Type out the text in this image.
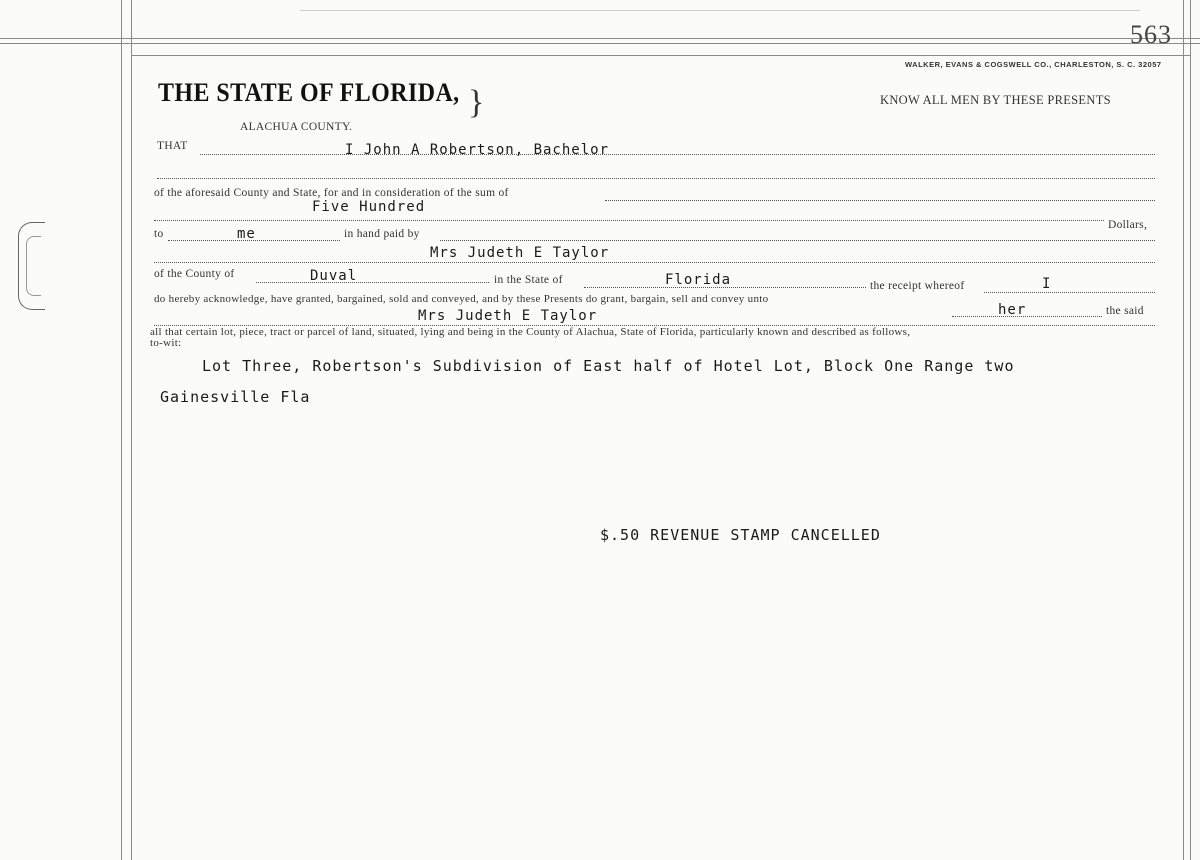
563
WALKER, EVANS & COGSWELL CO., CHARLESTON, S. C. 32057
THE STATE OF FLORIDA, }
ALACHUA COUNTY.
KNOW ALL MEN BY THESE PRESENTS
THAT	I John A Robertson, Bachelor
of the aforesaid County and State, for and in consideration of the sum of
Five Hundred
Dollars,
to	me	in hand paid by
Mrs Judeth E Taylor
of the County of	Duval	in the State of	Florida	the receipt whereof	I
do hereby acknowledge, have granted, bargained, sold and conveyed, and by these Presents do grant, bargain, sell and convey unto
her	the said
Mrs Judeth E Taylor
all that certain lot, piece, tract or parcel of land, situated, lying and being in the County of Alachua, State of Florida, particularly known and described as follows,
to-wit:
Lot Three, Robertson's Subdivision of East half of Hotel Lot, Block One Range two
Gainesville Fla
$.50 REVENUE STAMP CANCELLED
